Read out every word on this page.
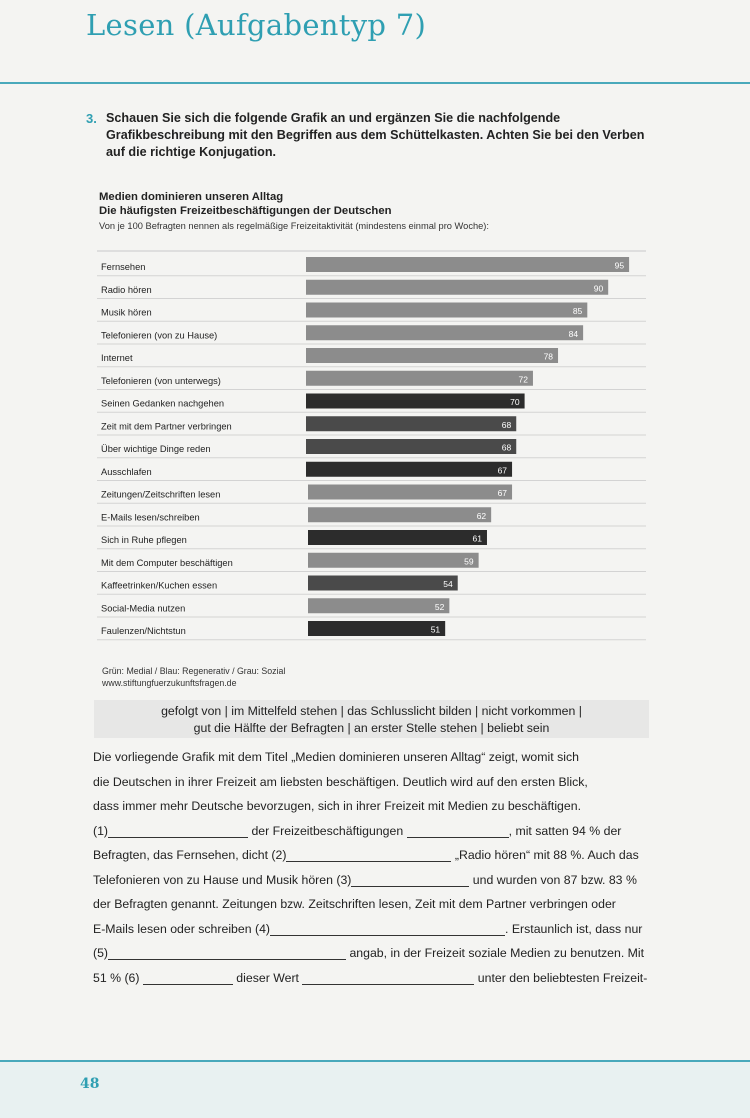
Lesen (Aufgabentyp 7)
3. Schauen Sie sich die folgende Grafik an und ergänzen Sie die nachfolgende Grafikbeschreibung mit den Begriffen aus dem Schüttelkasten. Achten Sie bei den Verben auf die richtige Konjugation.
Medien dominieren unseren Alltag
Die häufigsten Freizeitbeschäftigungen der Deutschen
Von je 100 Befragten nennen als regelmäßige Freizeitaktivität (mindestens einmal pro Woche):
Fernsehen	95
Radio hören	90
Musik hören	85
Telefonieren (von zu Hause)	84
Internet	78
Telefonieren (von unterwegs)	72
Seinen Gedanken nachgehen	70
Zeit mit dem Partner verbringen	68
Über wichtige Dinge reden	68
Ausschlafen	67
Zeitungen/Zeitschriften lesen	67
E-Mails lesen/schreiben	62
Sich in Ruhe pflegen	61
Mit dem Computer beschäftigen	59
Kaffeetrinken/Kuchen essen	54
Social-Media nutzen	52
Faulenzen/Nichtstun	51
Grün: Medial / Blau: Regenerativ / Grau: Sozial
www.stiftungfuerzukunftsfragen.de
gefolgt von | im Mittelfeld stehen | das Schlusslicht bilden | nicht vorkommen |
gut die Hälfte der Befragten | an erster Stelle stehen | beliebt sein
Die vorliegende Grafik mit dem Titel „Medien dominieren unseren Alltag“ zeigt, womit sich
die Deutschen in ihrer Freizeit am liebsten beschäftigen. Deutlich wird auf den ersten Blick,
dass immer mehr Deutsche bevorzugen, sich in ihrer Freizeit mit Medien zu beschäftigen.
(1)	der Freizeitbeschäftigungen	, mit satten 94 % der
Befragten, das Fernsehen, dicht (2)	„Radio hören“ mit 88 %. Auch das
Telefonieren von zu Hause und Musik hören (3)	und wurden von 87 bzw. 83 %
der Befragten genannt. Zeitungen bzw. Zeitschriften lesen, Zeit mit dem Partner verbringen oder
E-Mails lesen oder schreiben (4)	. Erstaunlich ist, dass nur
(5)	angab, in der Freizeit soziale Medien zu benutzen. Mit
51 % (6)	dieser Wert	unter den beliebtesten Freizeit-
48
